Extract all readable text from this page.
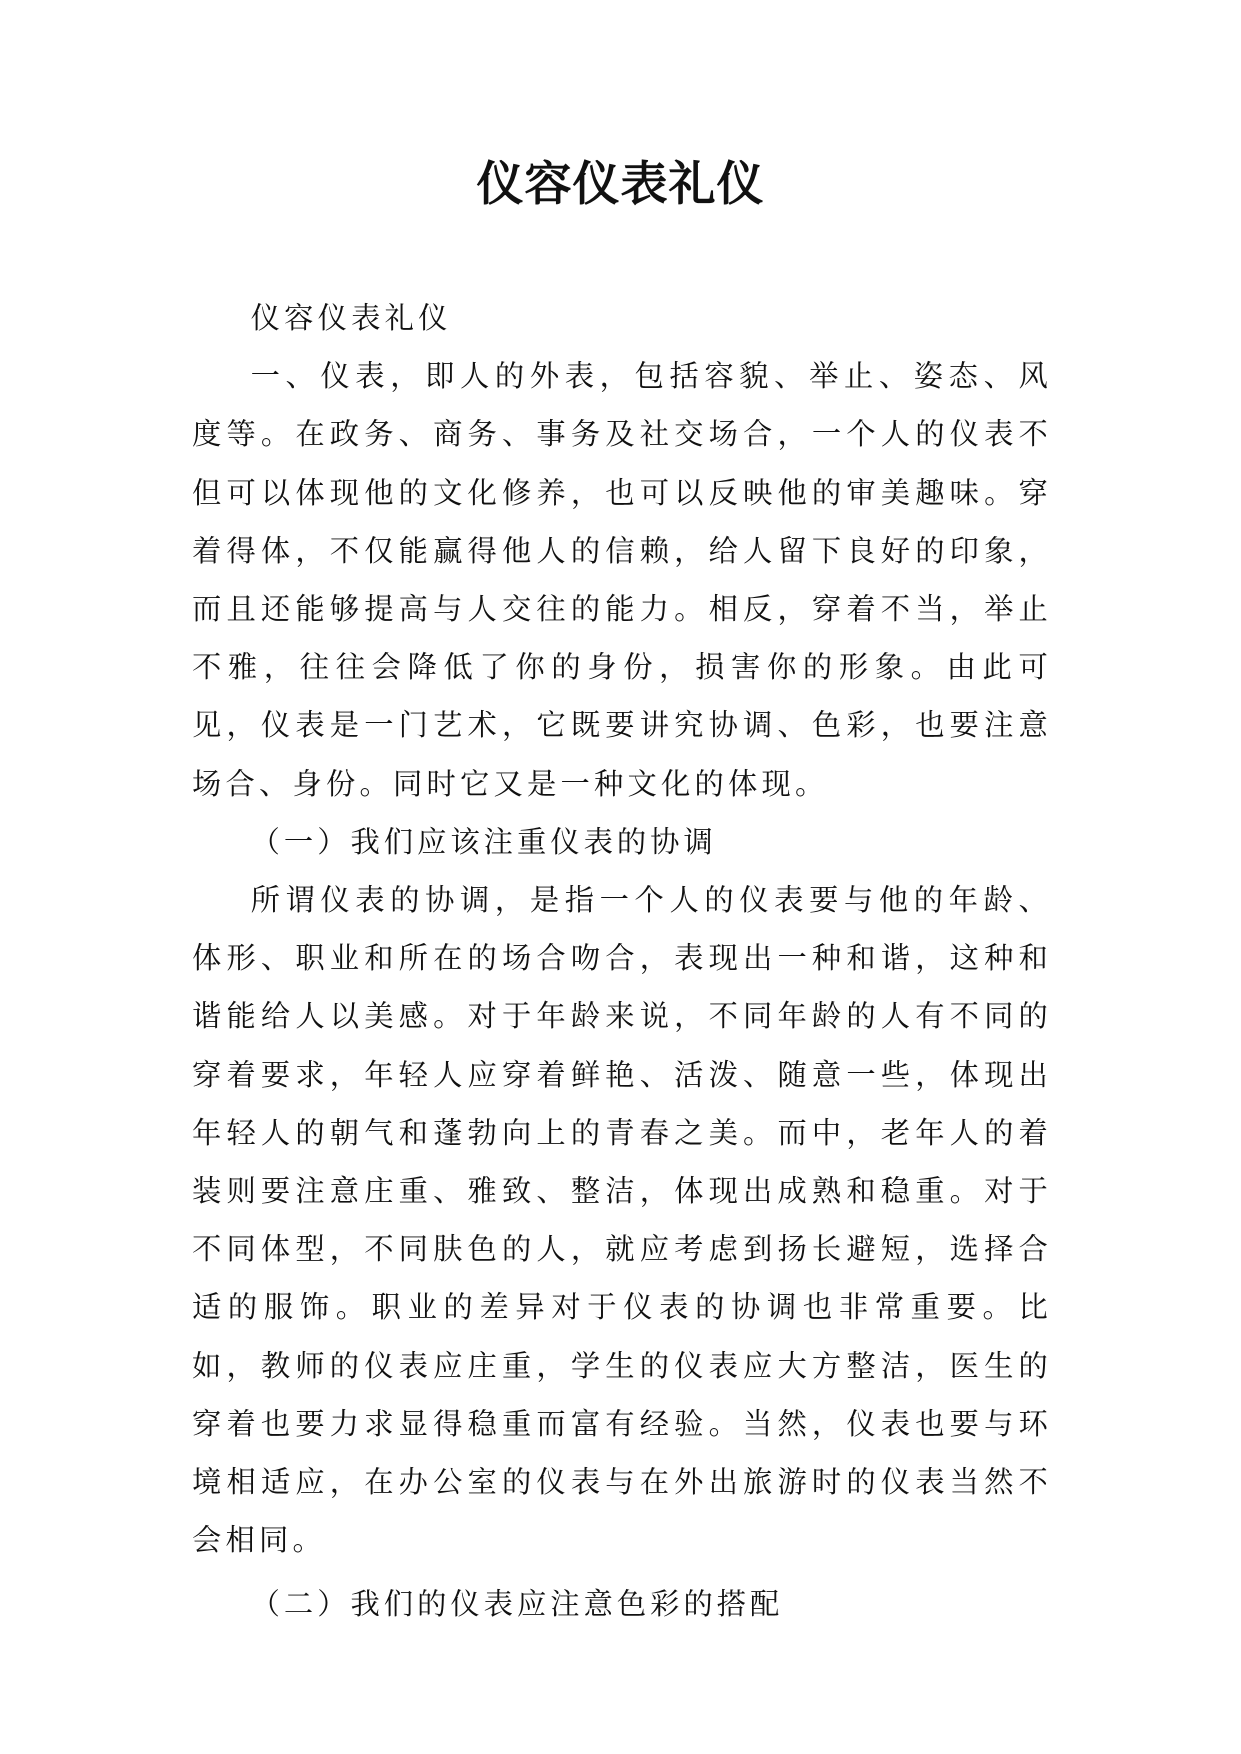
仪容仪表礼仪

仪容仪表礼仪

一、仪表，即人的外表，包括容貌、举止、姿态、风度等。在政务、商务、事务及社交场合，一个人的仪表不但可以体现他的文化修养，也可以反映他的审美趣味。穿着得体，不仅能赢得他人的信赖，给人留下良好的印象，而且还能够提高与人交往的能力。相反，穿着不当，举止不雅，往往会降低了你的身份，损害你的形象。由此可见，仪表是一门艺术，它既要讲究协调、色彩，也要注意场合、身份。同时它又是一种文化的体现。

（一）我们应该注重仪表的协调

所谓仪表的协调，是指一个人的仪表要与他的年龄、体形、职业和所在的场合吻合，表现出一种和谐，这种和谐能给人以美感。对于年龄来说，不同年龄的人有不同的穿着要求，年轻人应穿着鲜艳、活泼、随意一些，体现出年轻人的朝气和蓬勃向上的青春之美。而中，老年人的着装则要注意庄重、雅致、整洁，体现出成熟和稳重。对于不同体型，不同肤色的人，就应考虑到扬长避短，选择合适的服饰。职业的差异对于仪表的协调也非常重要。比如，教师的仪表应庄重，学生的仪表应大方整洁，医生的穿着也要力求显得稳重而富有经验。当然，仪表也要与环境相适应，在办公室的仪表与在外出旅游时的仪表当然不会相同。

（二）我们的仪表应注意色彩的搭配
